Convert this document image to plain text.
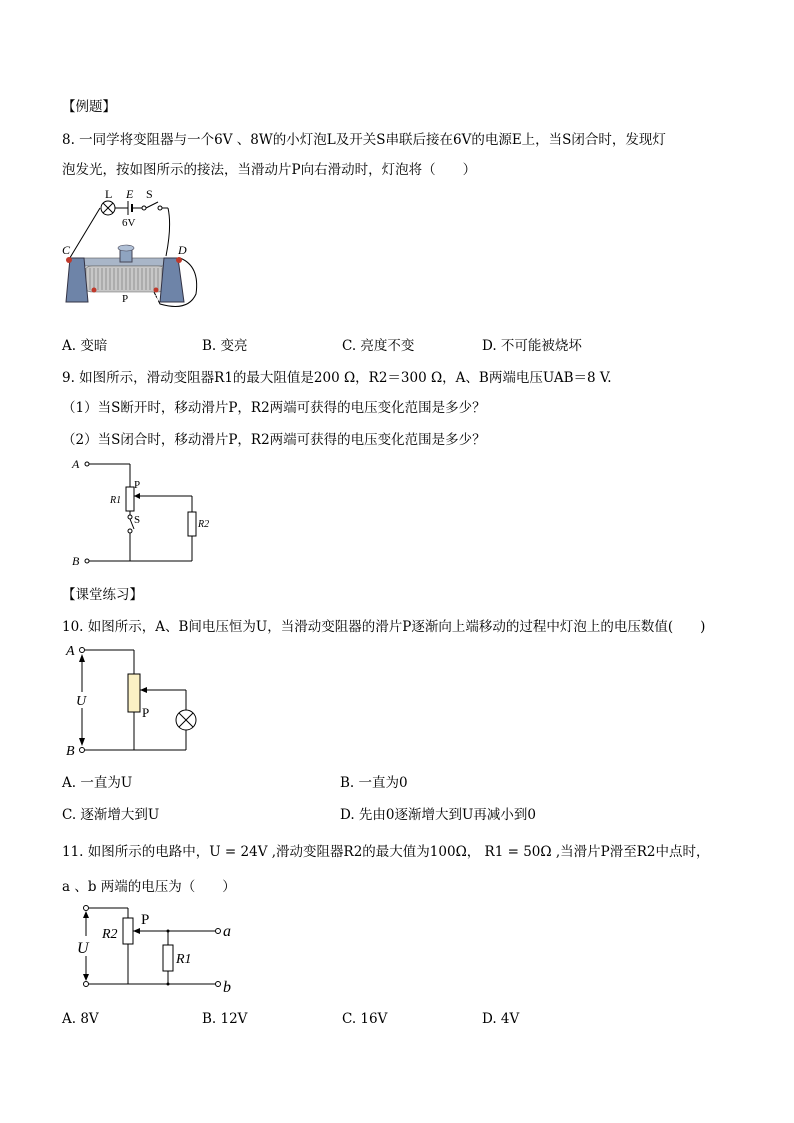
【例题】
8. 一同学将变阻器与一个6V 、8W的小灯泡L及开关S串联后接在6V的电源E上，当S闭合时，发现灯
泡发光，按如图所示的接法，当滑动片P向右滑动时，灯泡将（　　）
L E S
6V
C	D
A P B
A. 变暗	B. 变亮	C. 亮度不变	D. 不可能被烧坏
9. 如图所示，滑动变阻器R1的最大阻值是200 Ω，R2＝300 Ω，A、B两端电压UAB＝8 V.
（1）当S断开时，移动滑片P，R2两端可获得的电压变化范围是多少？
（2）当S闭合时，移动滑片P，R2两端可获得的电压变化范围是多少？
A
B
P
R1
S	R2
【课堂练习】
10. 如图所示，A、B间电压恒为U，当滑动变阻器的滑片P逐渐向上端移动的过程中灯泡上的电压数值(　　)
A
B
U
P
A. 一直为U	B. 一直为0
C. 逐渐增大到U	D. 先由0逐渐增大到U再减小到0
11. 如图所示的电路中，U = 24V ,滑动变阻器R2的最大值为100Ω， R1 = 50Ω ,当滑片P滑至R2中点时，
a 、b 两端的电压为（　　）
U
R2
R1
P
a
b
A. 8V	B. 12V	C. 16V	D. 4V
